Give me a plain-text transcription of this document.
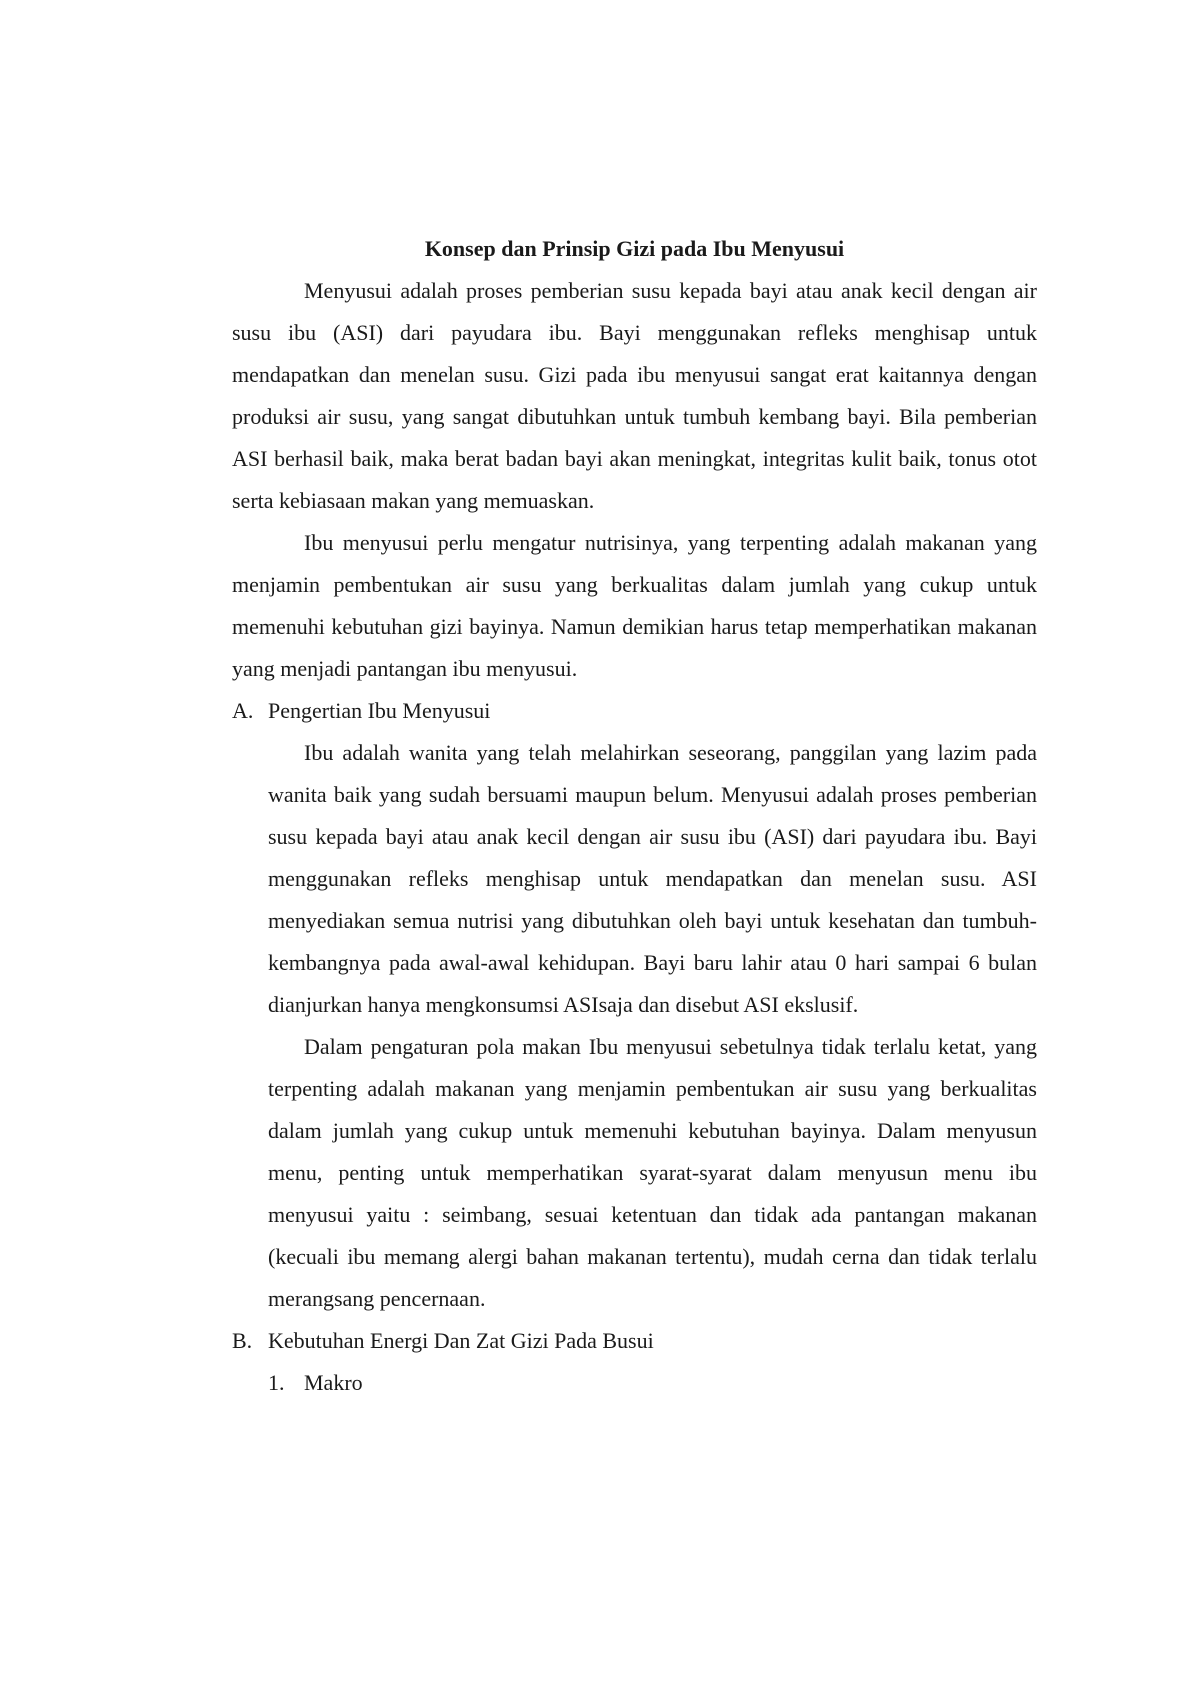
Konsep dan Prinsip Gizi pada Ibu Menyusui

Menyusui adalah proses pemberian susu kepada bayi atau anak kecil dengan air susu ibu (ASI) dari payudara ibu. Bayi menggunakan refleks menghisap untuk mendapatkan dan menelan susu. Gizi pada ibu menyusui sangat erat kaitannya dengan produksi air susu, yang sangat dibutuhkan untuk tumbuh kembang bayi. Bila pemberian ASI berhasil baik, maka berat badan bayi akan meningkat, integritas kulit baik, tonus otot serta kebiasaan makan yang memuaskan.

Ibu menyusui perlu mengatur nutrisinya, yang terpenting adalah makanan yang menjamin pembentukan air susu yang berkualitas dalam jumlah yang cukup untuk memenuhi kebutuhan gizi bayinya. Namun demikian harus tetap memperhatikan makanan yang menjadi pantangan ibu menyusui.

A. Pengertian Ibu Menyusui

Ibu adalah wanita yang telah melahirkan seseorang, panggilan yang lazim pada wanita baik yang sudah bersuami maupun belum. Menyusui adalah proses pemberian susu kepada bayi atau anak kecil dengan air susu ibu (ASI) dari payudara ibu. Bayi menggunakan refleks menghisap untuk mendapatkan dan menelan susu. ASI menyediakan semua nutrisi yang dibutuhkan oleh bayi untuk kesehatan dan tumbuh-kembangnya pada awal-awal kehidupan. Bayi baru lahir atau 0 hari sampai 6 bulan dianjurkan hanya mengkonsumsi ASIsaja dan disebut ASI ekslusif.

Dalam pengaturan pola makan Ibu menyusui sebetulnya tidak terlalu ketat, yang terpenting adalah makanan yang menjamin pembentukan air susu yang berkualitas dalam jumlah yang cukup untuk memenuhi kebutuhan bayinya. Dalam menyusun menu, penting untuk memperhatikan syarat-syarat dalam menyusun menu ibu menyusui yaitu : seimbang, sesuai ketentuan dan tidak ada pantangan makanan (kecuali ibu memang alergi bahan makanan tertentu), mudah cerna dan tidak terlalu merangsang pencernaan.

B. Kebutuhan Energi Dan Zat Gizi Pada Busui
1. Makro
